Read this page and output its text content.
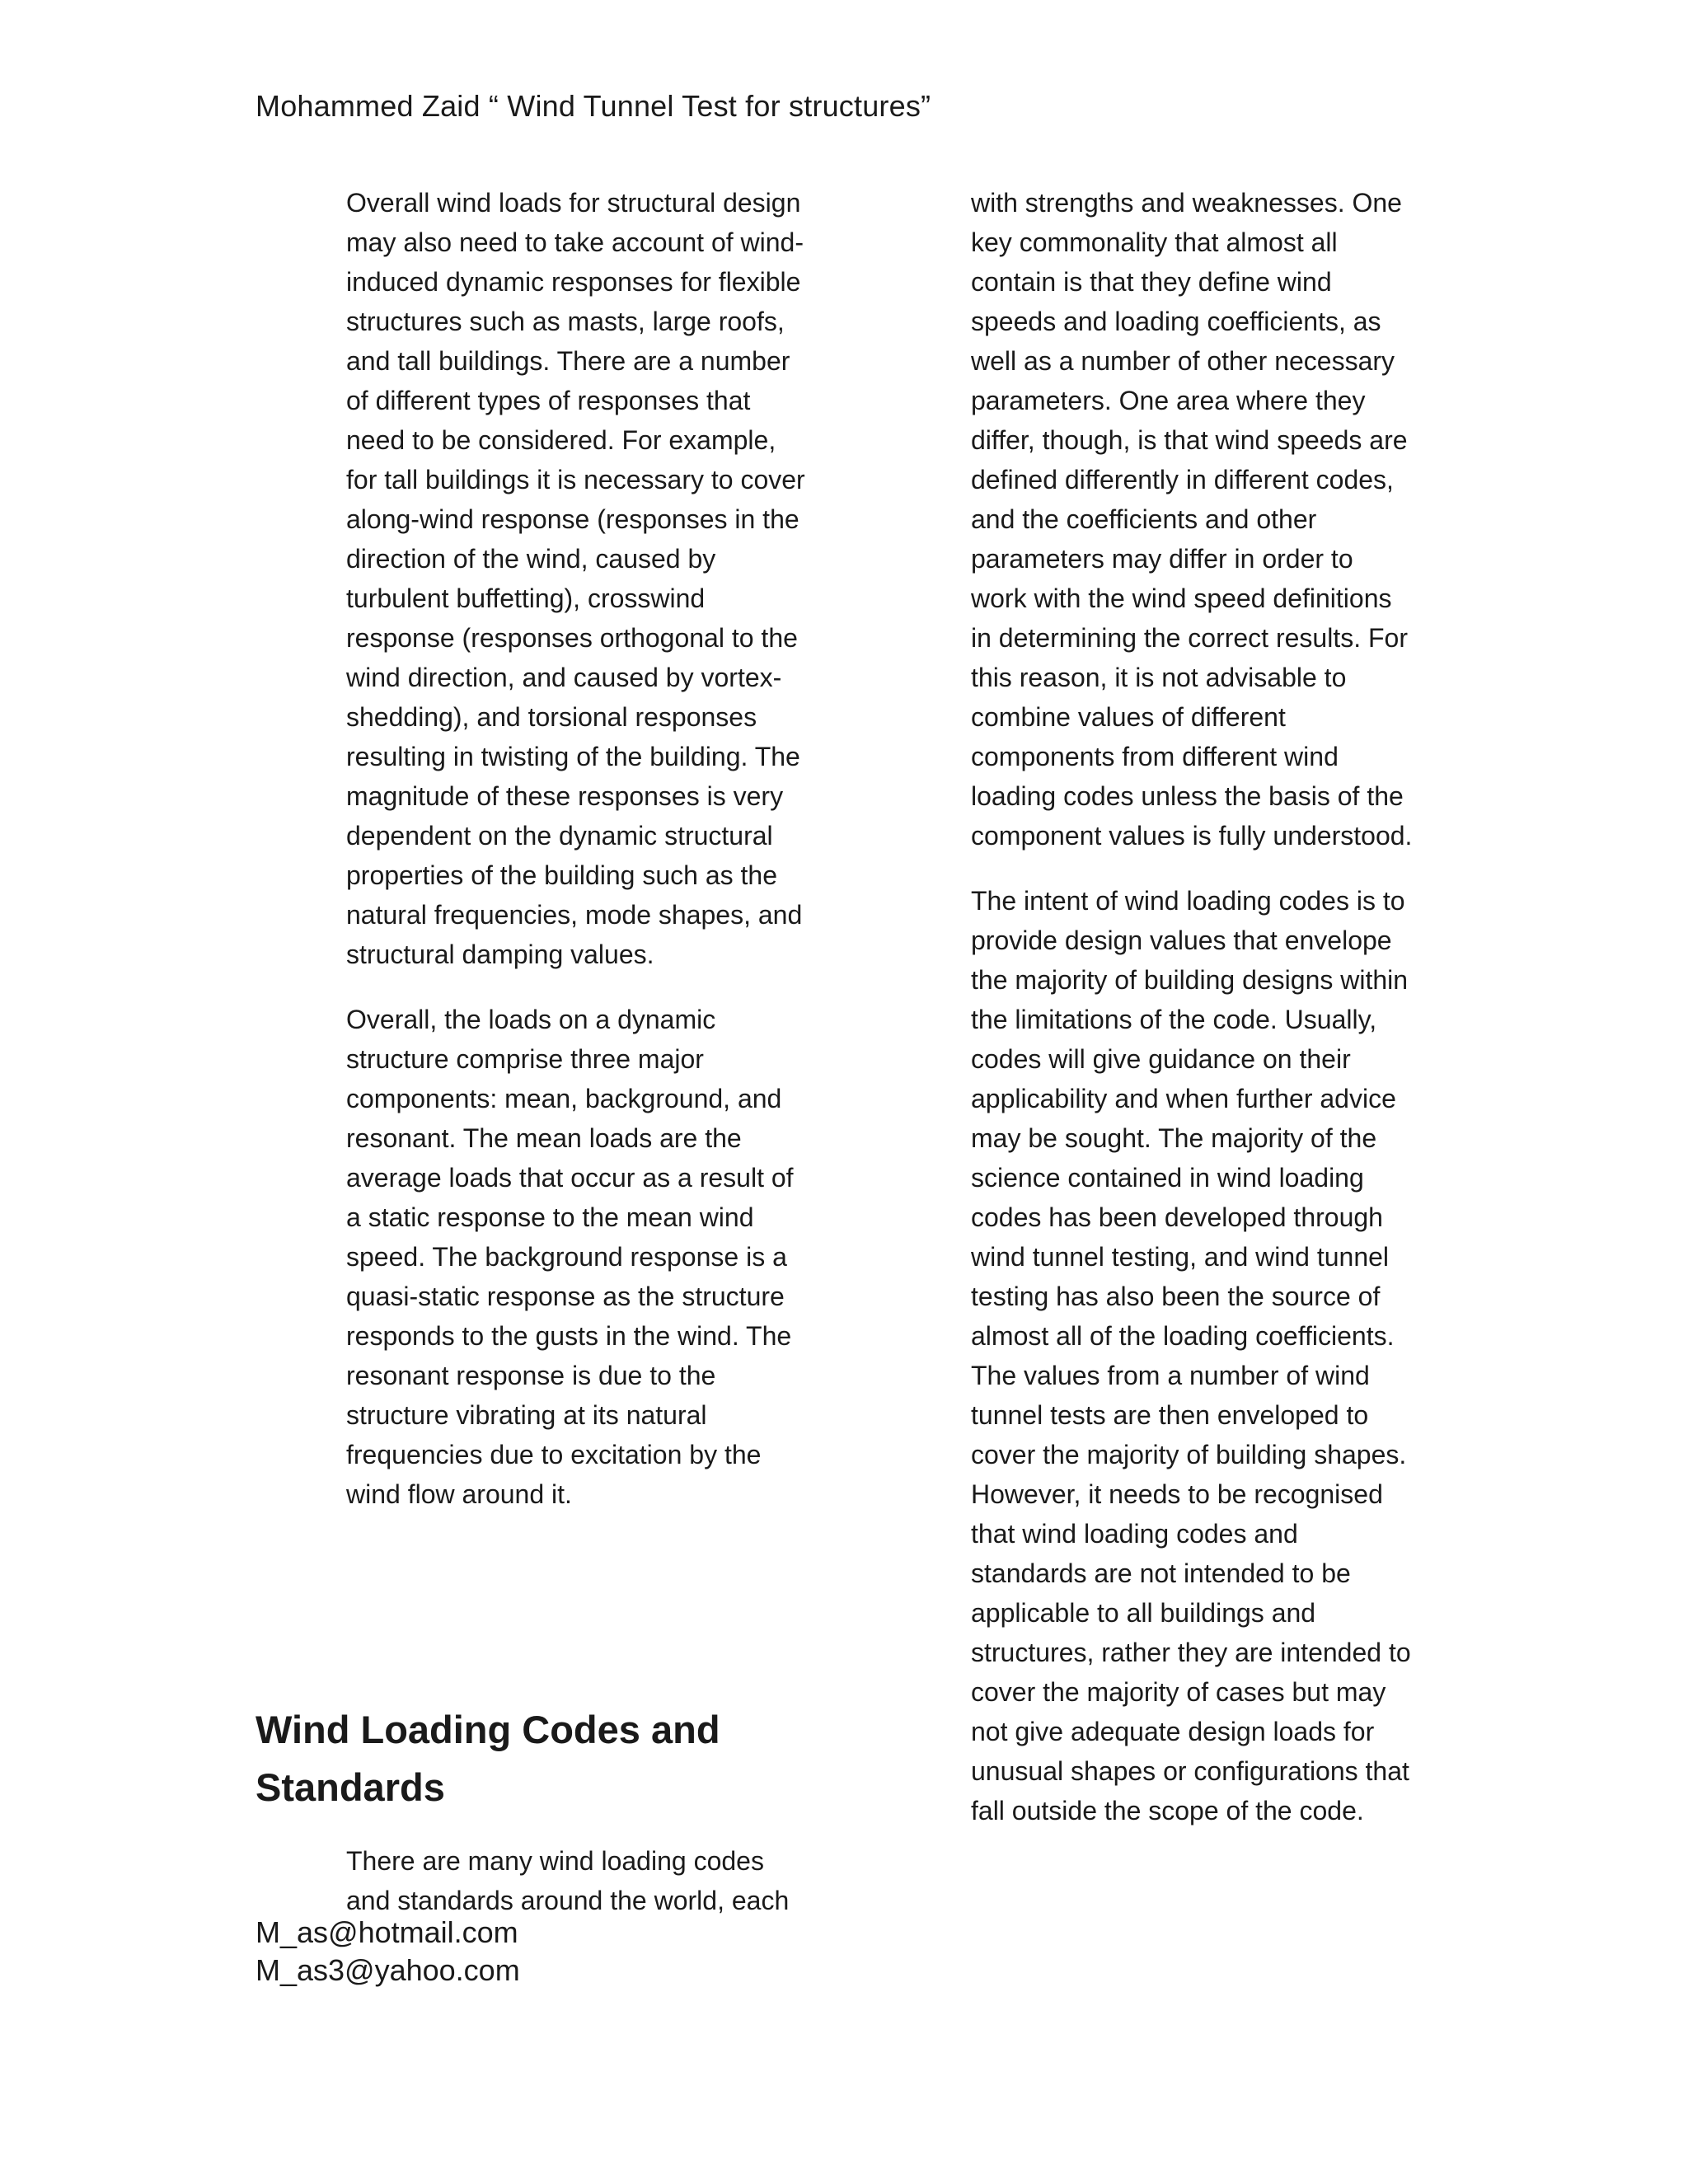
Mohammed Zaid “ Wind Tunnel Test for structures”

Overall wind loads for structural design may also need to take account of wind-induced dynamic responses for flexible structures such as masts, large roofs, and tall buildings. There are a number of different types of responses that need to be considered. For example, for tall buildings it is necessary to cover along-wind response (responses in the direction of the wind, caused by turbulent buffetting), crosswind response (responses orthogonal to the wind direction, and caused by vortex-shedding), and torsional responses resulting in twisting of the building. The magnitude of these responses is very dependent on the dynamic structural properties of the building such as the natural frequencies, mode shapes, and structural damping values.

Overall, the loads on a dynamic structure comprise three major components: mean, background, and resonant. The mean loads are the average loads that occur as a result of a static response to the mean wind speed. The background response is a quasi-static response as the structure responds to the gusts in the wind. The resonant response is due to the structure vibrating at its natural frequencies due to excitation by the wind flow around it.

Wind Loading Codes and Standards

There are many wind loading codes and standards around the world, each

with strengths and weaknesses. One key commonality that almost all contain is that they define wind speeds and loading coefficients, as well as a number of other necessary parameters. One area where they differ, though, is that wind speeds are defined differently in different codes, and the coefficients and other parameters may differ in order to work with the wind speed definitions in determining the correct results. For this reason, it is not advisable to combine values of different components from different wind loading codes unless the basis of the component values is fully understood.

The intent of wind loading codes is to provide design values that envelope the majority of building designs within the limitations of the code. Usually, codes will give guidance on their applicability and when further advice may be sought. The majority of the science contained in wind loading codes has been developed through wind tunnel testing, and wind tunnel testing has also been the source of almost all of the loading coefficients. The values from a number of wind tunnel tests are then enveloped to cover the majority of building shapes. However, it needs to be recognised that wind loading codes and standards are not intended to be applicable to all buildings and structures, rather they are intended to cover the majority of cases but may not give adequate design loads for unusual shapes or configurations that fall outside the scope of the code.

M_as@hotmail.com
M_as3@yahoo.com
